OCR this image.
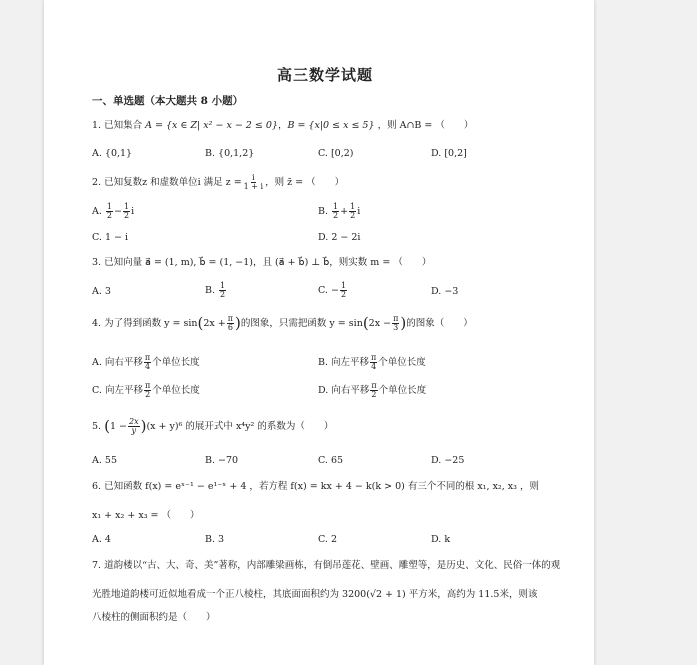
高三数学试题
一、单选题（本大题共 8 小题）
1. 已知集合 A = {x ∈ Z| x² − x − 2 ≤ 0}，B = {x|0 ≤ x ≤ 5} ，则 A∩B = （　　）
A. {0,1}	B. {0,1,2}	C. [0,2)	D. [0,2]
2. 已知复数z 和虚数单位i 满足 $z = \frac{i}{1 + i}$ ，则 z̄ = （　　）
A.
$\frac{1}{2} - \frac{1}{2}$ i	B.
$\frac{1}{2} + \frac{1}{2}$ i
C. 1 − i	D. 2 − 2i
3. 已知向量 a⃗ = (1, m), b⃗ = (1, −1)，且 (a⃗ + b⃗) ⊥ b⃗，则实数 m = （　　）
A. 3	B.
$\frac{1}{2}$	C. − $\frac{1}{2}$	D. −3
4. 为了得到函数 y = sin ( $2x + \frac{\pi}{6}$ ) 的图象，只需把函数 y = sin ( $2x - \frac{\pi}{3}$ ) 的图象（　　）
A. 向右平移 $\frac{\pi}{4}$ 个单位长度	B. 向左平移 $\frac{\pi}{4}$ 个单位长度
C. 向左平移 $\frac{\pi}{2}$ 个单位长度	D. 向右平移 $\frac{\pi}{2}$ 个单位长度
5.
( $1 - \frac{2x}{y}$ ) (x + y)⁶ 的展开式中 x⁴y² 的系数为（　　）
A. 55	B. −70	C. 65	D. −25
6. 已知函数 f(x) = eˣ⁻¹ − e¹⁻ˣ + 4 ，若方程 f(x) = kx + 4 − k(k > 0) 有三个不同的根 x₁, x₂, x₃ ，则
x₁ + x₂ + x₃ = （　　）
A. 4	B. 3	C. 2	D. k
7. 道韵楼以“古、大、奇、美”著称，内部雕梁画栋，有倒吊莲花、壁画、雕塑等，是历史、文化、民俗一体的观
光胜地道韵楼可近似地看成一个正八棱柱，其底面面积约为 3200(√2 + 1) 平方米，高约为 11.5米，则该
八棱柱的侧面积约是（　　）
